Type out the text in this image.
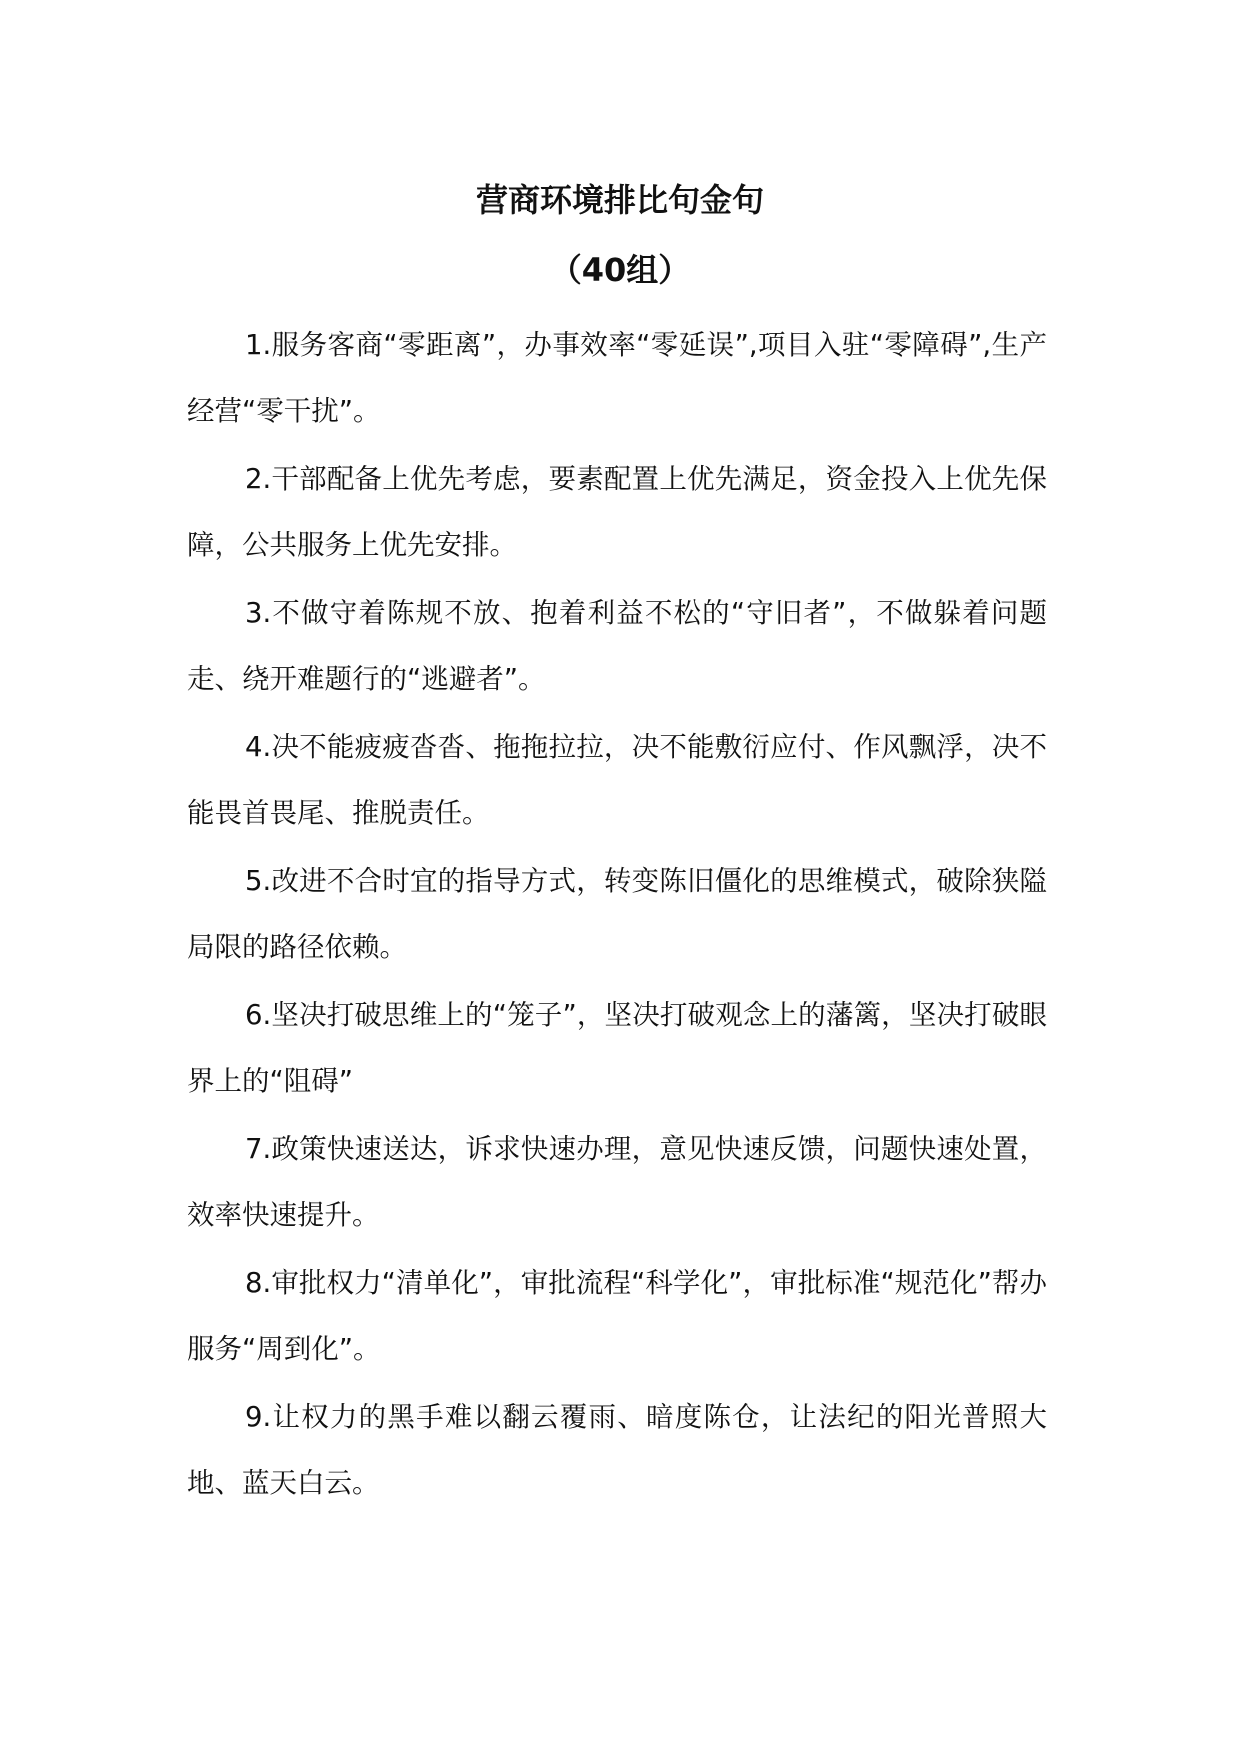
营商环境排比句金句
（40组）

1.服务客商“零距离”，办事效率“零延误”,项目入驻“零障碍”,生产经营“零干扰”。

2.干部配备上优先考虑，要素配置上优先满足，资金投入上优先保障，公共服务上优先安排。

3.不做守着陈规不放、抱着利益不松的“守旧者”，不做躲着问题走、绕开难题行的“逃避者”。

4.决不能疲疲沓沓、拖拖拉拉，决不能敷衍应付、作风飘浮，决不能畏首畏尾、推脱责任。

5.改进不合时宜的指导方式，转变陈旧僵化的思维模式，破除狭隘局限的路径依赖。

6.坚决打破思维上的“笼子”，坚决打破观念上的藩篱，坚决打破眼界上的“阻碍”

7.政策快速送达，诉求快速办理，意见快速反馈，问题快速处置，效率快速提升。

8.审批权力“清单化”，审批流程“科学化”，审批标准“规范化”帮办服务“周到化”。

9.让权力的黑手难以翻云覆雨、暗度陈仓，让法纪的阳光普照大地、蓝天白云。
